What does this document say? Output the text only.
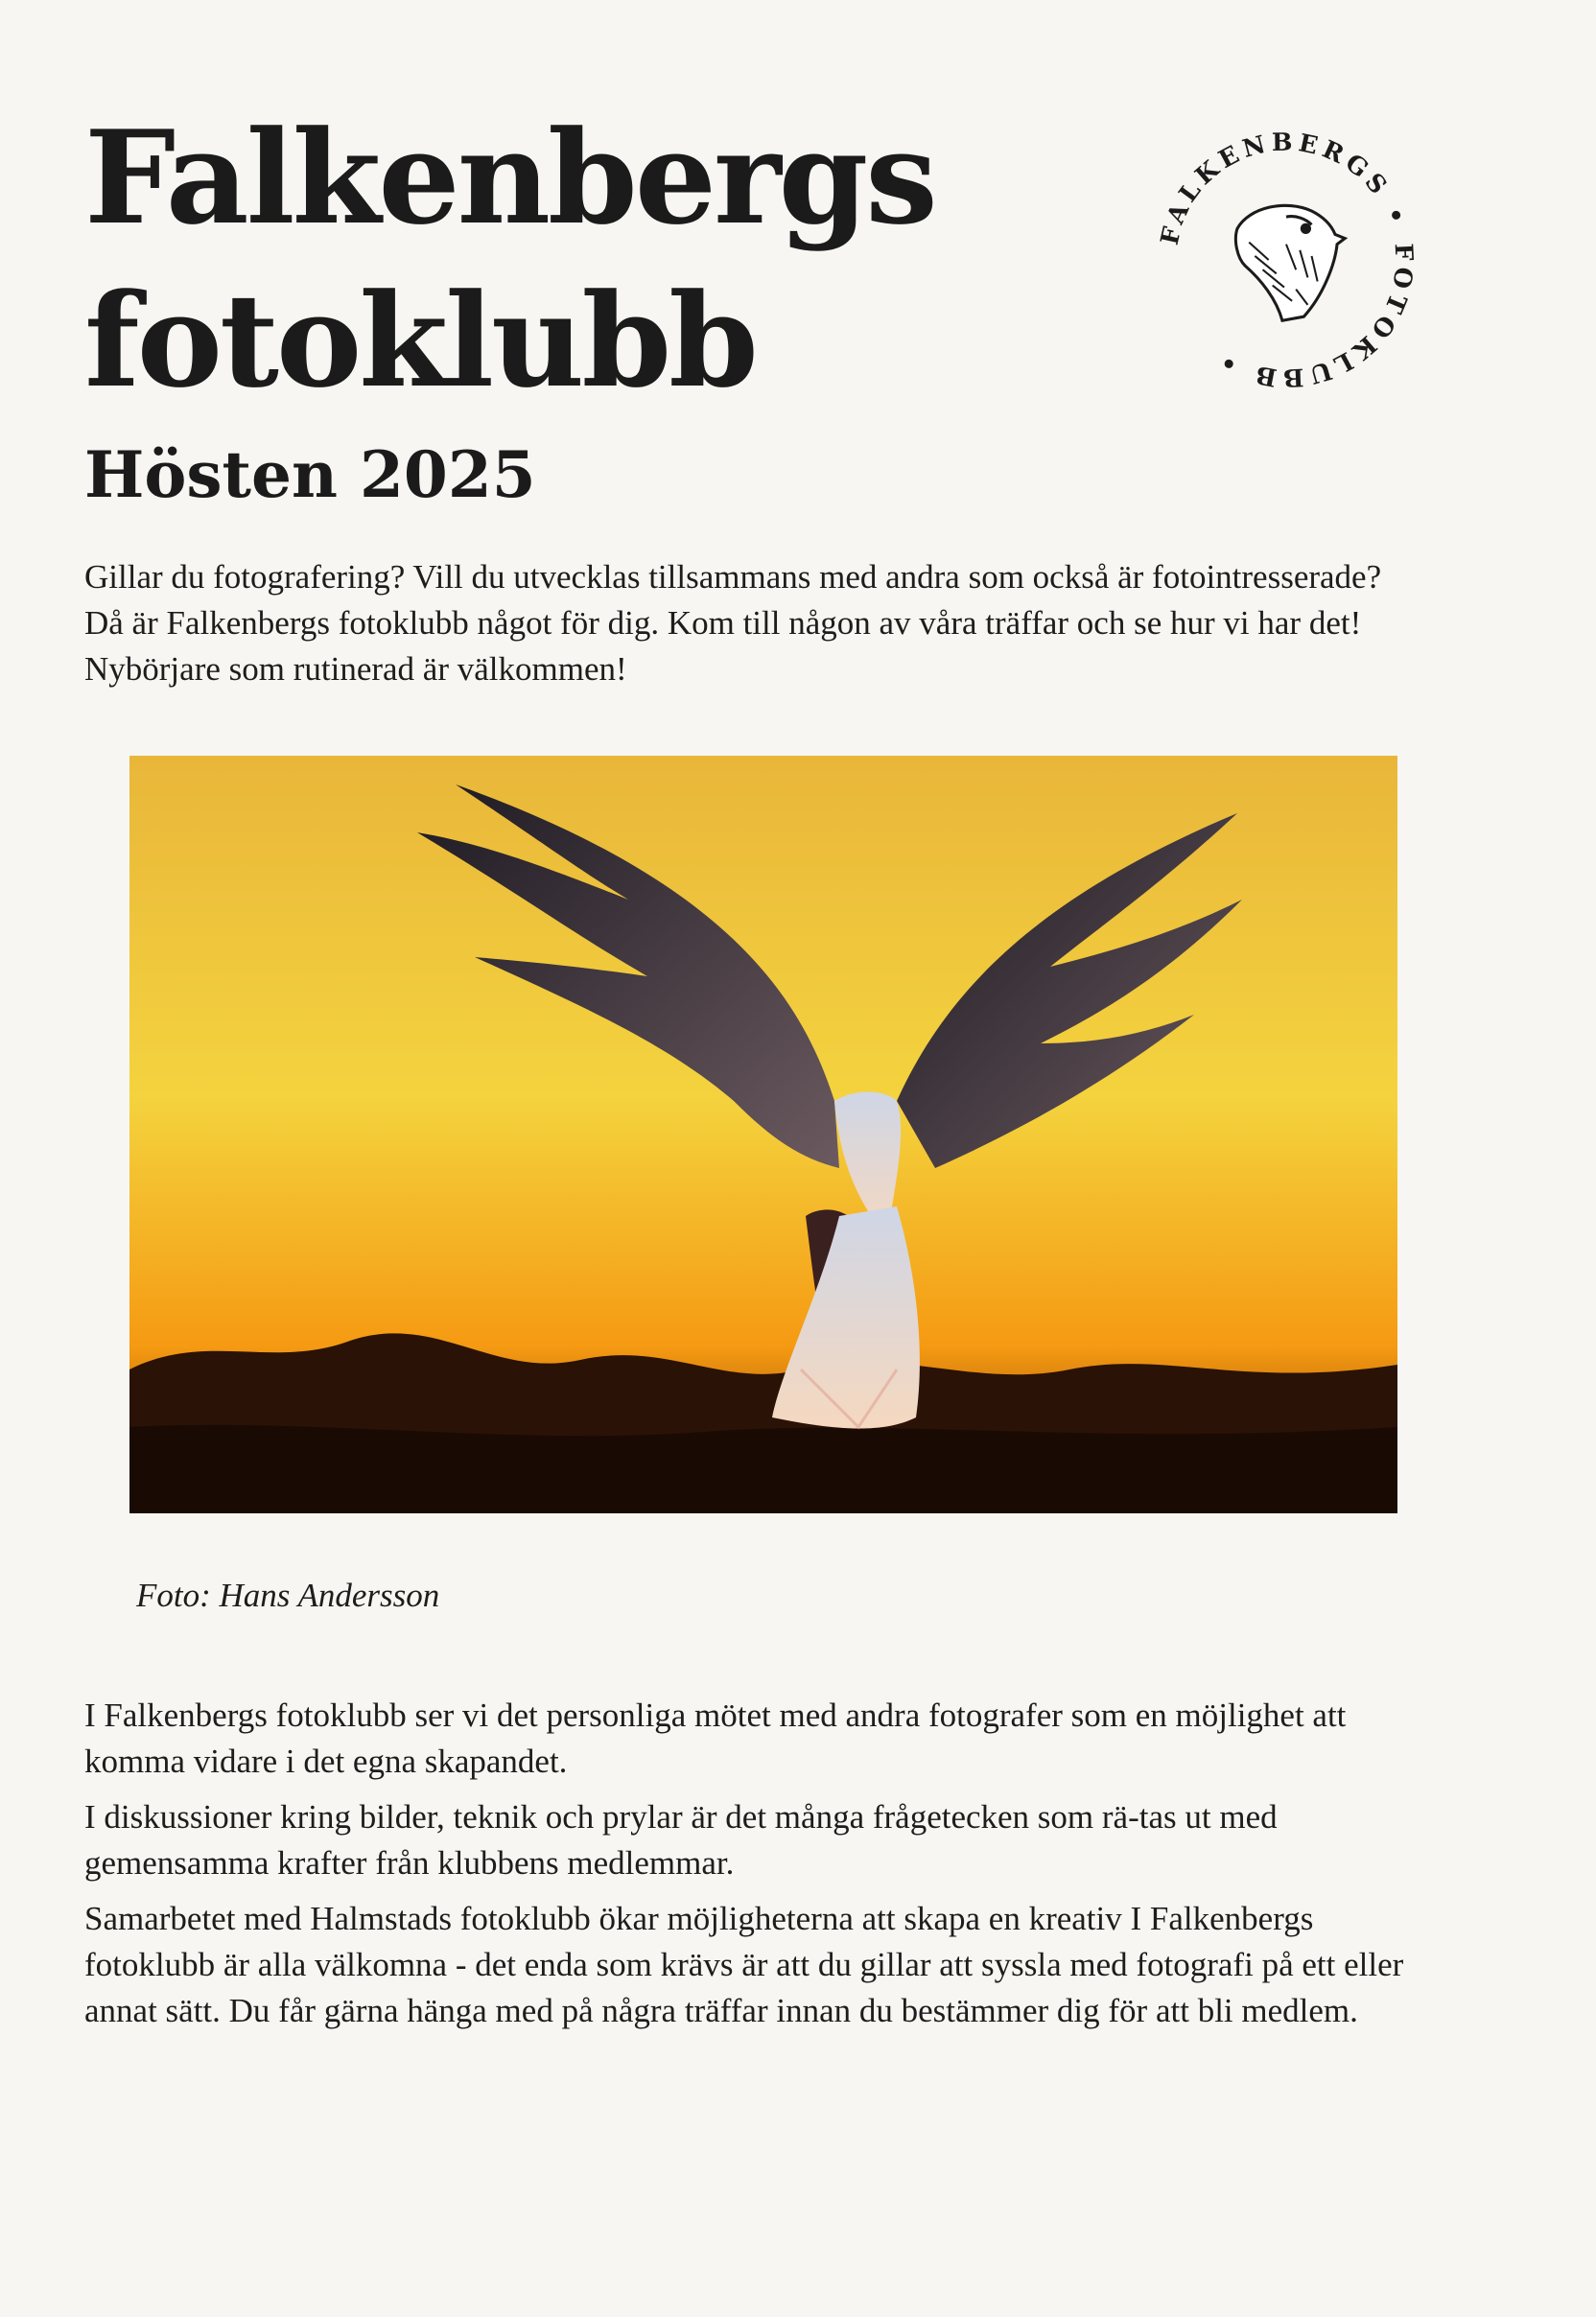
Falkenbergs
fotoklubb
FALKENBERGS • FOTOKLUBB •
Hösten 2025

Gillar du fotografering? Vill du utvecklas tillsammans med andra som också är fotointresserade? Då är Falkenbergs fotoklubb något för dig. Kom till någon av våra träffar och se hur vi har det! Nybörjare som rutinerad är välkommen!

Foto: Hans Andersson

I Falkenbergs fotoklubb ser vi det personliga mötet med andra fotografer som en möjlighet att komma vidare i det egna skapandet.

I diskussioner kring bilder, teknik och prylar är det många frågetecken som rä-tas ut med gemensamma krafter från klubbens medlemmar.

Samarbetet med Halmstads fotoklubb ökar möjligheterna att skapa en kreativ I Falkenbergs fotoklubb är alla välkomna - det enda som krävs är att du gillar att syssla med fotografi på ett eller annat sätt. Du får gärna hänga med på några träffar innan du bestämmer dig för att bli medlem.
